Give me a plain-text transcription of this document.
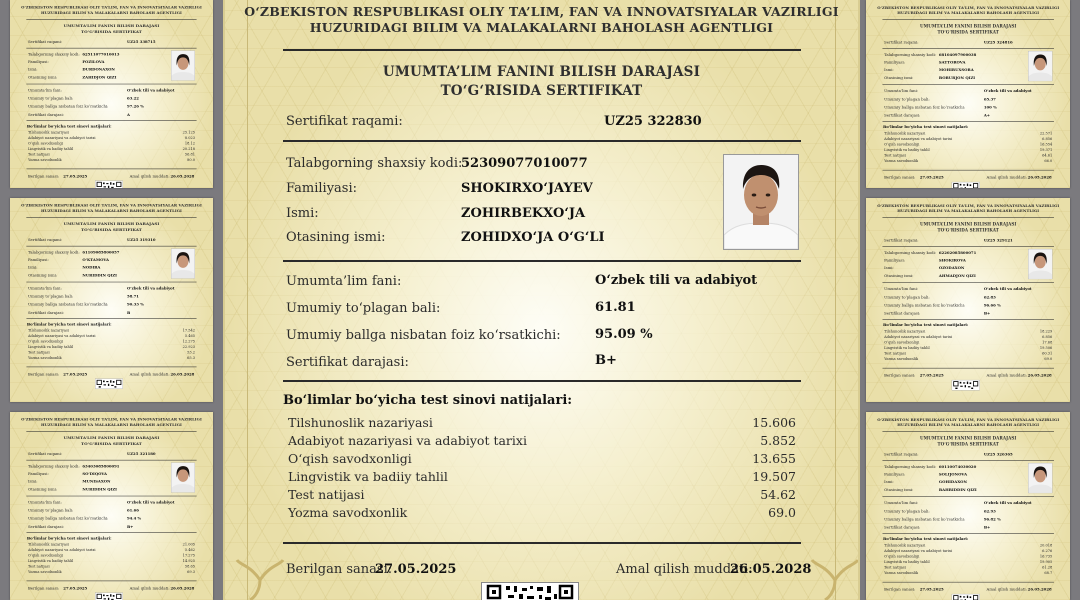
O‘ZBEKISTON RESPUBLIKASI OLIY TA’LIM, FAN VA INNOVATSIYALAR VAZIRLIGI
HUZURIDAGI BILIM VA MALAKALARNI BAHOLASH AGENTLIGI
UMUMTA’LIM FANINI BILISH DARAJASI
TO‘G‘RISIDA SERTIFIKAT
Sertifikat raqami:	UZ25 322830
Talabgorning shaxsiy kodi:
52309077010077
Familiyasi:	SHOKIRXO‘JAYEV
Ismi:	ZOHIRBEKXO‘JA
Otasining ismi:	ZOHIDXO‘JA O‘G‘LI
Umumta’lim fani:	O‘zbek tili va adabiyot
Umumiy to‘plagan bali:	61.81
Umumiy ballga nisbatan foiz ko‘rsatkichi:	95.09 %
Sertifikat darajasi:	B+
Bo‘limlar bo‘yicha test sinovi natijalari:
Tilshunoslik nazariyasi	15.606
Adabiyot nazariyasi va adabiyot tarixi	5.852
O‘qish savodxonligi	13.655
Lingvistik va badiiy tahlil	19.507
Test natijasi	54.62
Yozma savodxonlik	69.0
Berilgan sanasi:
27.05.2025	Amal qilish muddati:
26.05.2028
O‘ZBEKISTON RESPUBLIKASI OLIY TA’LIM, FAN VA INNOVATSIYALAR VAZIRLIGI
HUZURIDAGI BILIM VA MALAKALARNI BAHOLASH AGENTLIGI
UMUMTA’LIM FANINI BILISH DARAJASI
TO‘G‘RISIDA SERTIFIKAT
Sertifikat raqami:	UZ25 338715
Talabgorning shaxsiy kodi: 62511077010013
Familiyasi: FOZILOVA
Ismi:	DURDONAXON
Otasining ismi: ZAHIDJON QIZI
Umumta’lim fani:	O‘zbek tili va adabiyot
Umumiy to‘plagan bali:	63.22
Umumiy ballga nisbatan foiz ko‘rsatkichi: 97.26 %
Sertifikat darajasi:	A
Bo‘limlar bo‘yicha test sinovi natijalari:
Tilshunoslik nazariyasi	25.125
Adabiyot nazariyasi va adabiyot tarixi	8.023
O‘qish savodxonligi	18.12
Lingvistik va badiiy tahlil	20.218
Test natijasi	56.81
Yozma savodxonlik	80.0
Berilgan sanasi: 27.05.2025	Amal qilish muddati: 26.05.2028
O‘ZBEKISTON RESPUBLIKASI OLIY TA’LIM, FAN VA INNOVATSIYALAR VAZIRLIGI
HUZURIDAGI BILIM VA MALAKALARNI BAHOLASH AGENTLIGI
UMUMTA’LIM FANINI BILISH DARAJASI
TO‘G‘RISIDA SERTIFIKAT
Sertifikat raqami:	UZ25 319310
Talabgorning shaxsiy kodi: 61109085800057
Familiyasi: O‘KTAMOVA
Ismi:	NODIRA
Otasining ismi: NURIDDIN QIZI
Umumta’lim fani:	O‘zbek tili va adabiyot
Umumiy to‘plagan bali:	58.71
Umumiy ballga nisbatan foiz ko‘rsatkichi: 90.33 %
Sertifikat darajasi:	B
Bo‘limlar bo‘yicha test sinovi natijalari:
Tilshunoslik nazariyasi	17.542
Adabiyot nazariyasi va adabiyot tarixi	5.465
O‘qish savodxonligi	12.275
Lingvistik va badiiy tahlil	22.923
Test natijasi	53.2
Yozma savodxonlik	65.3
Berilgan sanasi: 27.05.2025	Amal qilish muddati: 26.05.2028
O‘ZBEKISTON RESPUBLIKASI OLIY TA’LIM, FAN VA INNOVATSIYALAR VAZIRLIGI
HUZURIDAGI BILIM VA MALAKALARNI BAHOLASH AGENTLIGI
UMUMTA’LIM FANINI BILISH DARAJASI
TO‘G‘RISIDA SERTIFIKAT
Sertifikat raqami:	UZ25 321180
Talabgorning shaxsiy kodi: 63403085800091
Familiyasi: SO‘DIQOVA
Ismi:	MUNISAXON
Otasining ismi: NURIDDIN QIZI
Umumta’lim fani:	O‘zbek tili va adabiyot
Umumiy to‘plagan bali:	61.66
Umumiy ballga nisbatan foiz ko‘rsatkichi: 94.4 %
Sertifikat darajasi:	B+
Bo‘limlar bo‘yicha test sinovi natijalari:
Tilshunoslik nazariyasi	21.005
Adabiyot nazariyasi va adabiyot tarixi	5.462
O‘qish savodxonligi	17.275
Lingvistik va badiiy tahlil	14.925
Test natijasi	58.65
Yozma savodxonlik	69.3
Berilgan sanasi: 27.05.2025	Amal qilish muddati: 26.05.2028
O‘ZBEKISTON RESPUBLIKASI OLIY TA’LIM, FAN VA INNOVATSIYALAR VAZIRLIGI
HUZURIDAGI BILIM VA MALAKALARNI BAHOLASH AGENTLIGI
UMUMTA’LIM FANINI BILISH DARAJASI
TO‘G‘RISIDA SERTIFIKAT
Sertifikat raqami:	UZ25 324816
Talabgorning shaxsiy kodi: 68104097900038
Familiyasi: SATTOROVA
Ismi:	MOHIRUXSORA
Otasining ismi: BOBURJON QIZI
Umumta’lim fani:	O‘zbek tili va adabiyot
Umumiy to‘plagan bali:	65.37
Umumiy ballga nisbatan foiz ko‘rsatkichi: 100 %
Sertifikat darajasi:	A+
Bo‘limlar bo‘yicha test sinovi natijalari:
Tilshunoslik nazariyasi	22.571
Adabiyot nazariyasi va adabiyot tarixi	6.856
O‘qish savodxonligi	16.554
Lingvistik va badiiy tahlil	19.371
Test natijasi	64.61
Yozma savodxonlik	66.0
Berilgan sanasi: 27.05.2025	Amal qilish muddati: 26.05.2028
O‘ZBEKISTON RESPUBLIKASI OLIY TA’LIM, FAN VA INNOVATSIYALAR VAZIRLIGI
HUZURIDAGI BILIM VA MALAKALARNI BAHOLASH AGENTLIGI
UMUMTA’LIM FANINI BILISH DARAJASI
TO‘G‘RISIDA SERTIFIKAT
Sertifikat raqami:	UZ25 329121
Talabgorning shaxsiy kodi: 62202085800071
Familiyasi: SHOKIROVA
Ismi:	OZODAXON
Otasining ismi: AHMADJON QIZI
Umumta’lim fani:	O‘zbek tili va adabiyot
Umumiy to‘plagan bali:	62.83
Umumiy ballga nisbatan foiz ko‘rsatkichi: 96.66 %
Sertifikat darajasi:	B+
Bo‘limlar bo‘yicha test sinovi natijalari:
Tilshunoslik nazariyasi	18.229
Adabiyot nazariyasi va adabiyot tarixi	6.856
O‘qish savodxonligi	17.68
Lingvistik va badiiy tahlil	19.506
Test natijasi	60.31
Yozma savodxonlik	69.0
Berilgan sanasi: 27.05.2025	Amal qilish muddati: 26.05.2028
O‘ZBEKISTON RESPUBLIKASI OLIY TA’LIM, FAN VA INNOVATSIYALAR VAZIRLIGI
HUZURIDAGI BILIM VA MALAKALARNI BAHOLASH AGENTLIGI
UMUMTA’LIM FANINI BILISH DARAJASI
TO‘G‘RISIDA SERTIFIKAT
Sertifikat raqami:	UZ25 326365
Talabgorning shaxsiy kodi: 60110074030020
Familiyasi: SOLIJONOVA
Ismi:	GOHIDAXON
Otasining ismi: BAHRIDDIN QIZI
Umumta’lim fani:	O‘zbek tili va adabiyot
Umumiy to‘plagan bali:	62.93
Umumiy ballga nisbatan foiz ko‘rsatkichi: 96.82 %
Sertifikat darajasi:	B+
Bo‘limlar bo‘yicha test sinovi natijalari:
Tilshunoslik nazariyasi	20.018
Adabiyot nazariyasi va adabiyot tarixi	6.276
O‘qish savodxonligi	16.735
Lingvistik va badiiy tahlil	19.905
Test natijasi	61.28
Yozma savodxonlik	68.7
Berilgan sanasi: 27.05.2025	Amal qilish muddati: 26.05.2028
